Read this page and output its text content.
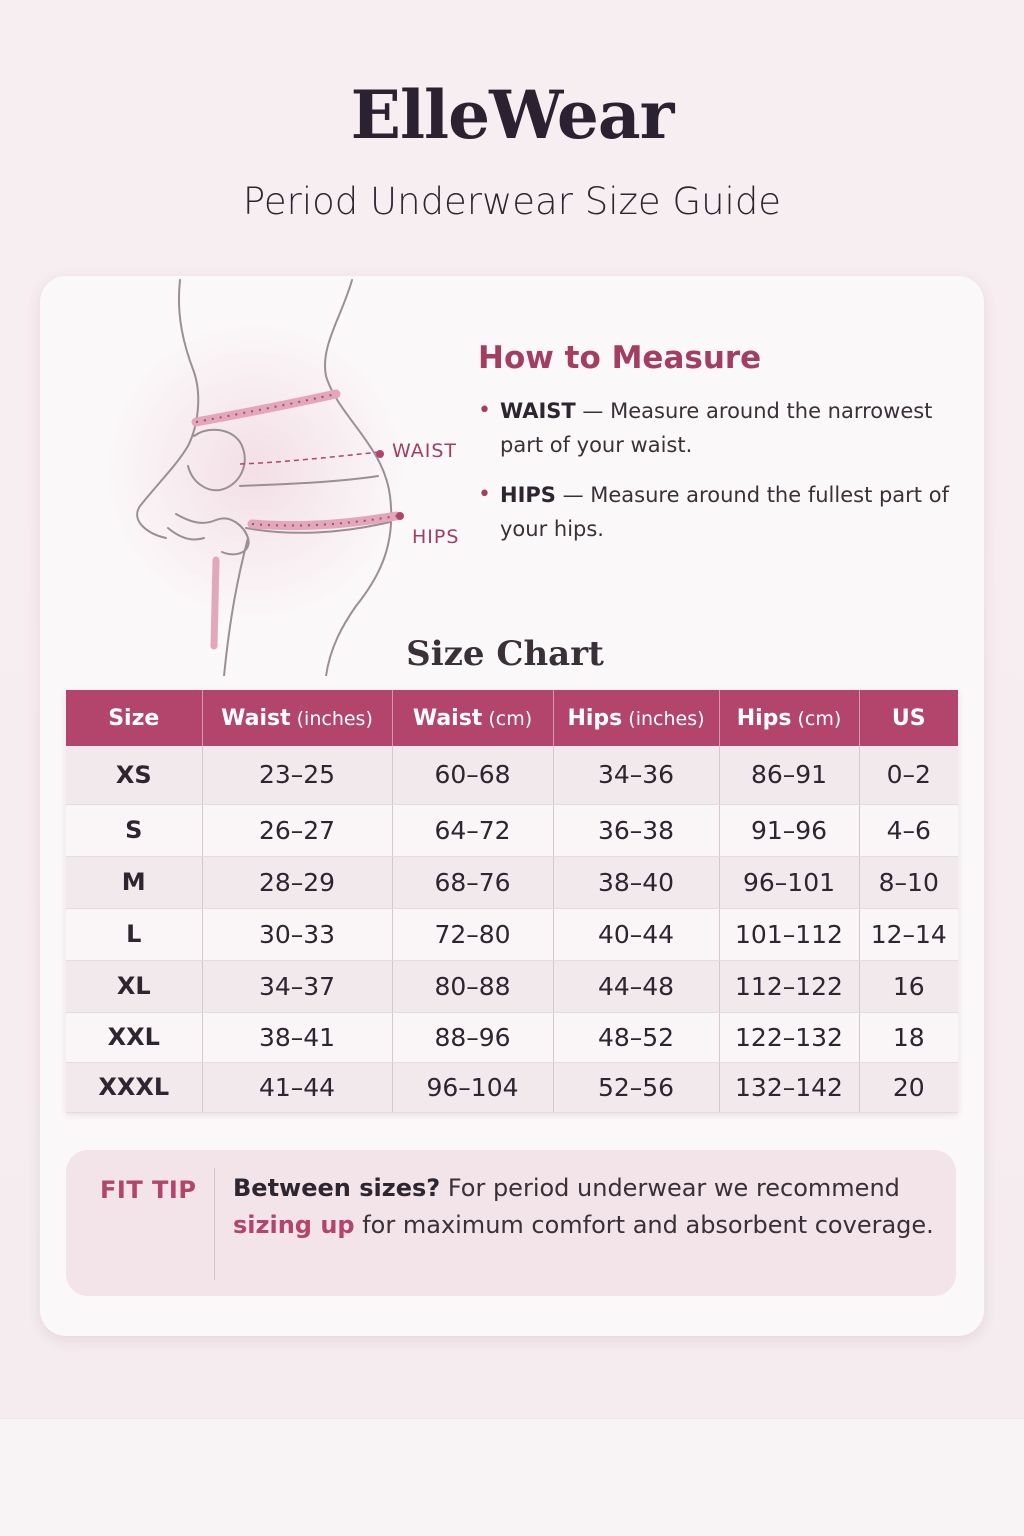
ElleWear
Period Underwear Size Guide
WAIST
HIPS
How to Measure
• WAIST — Measure around the narrowest part of your waist.
• HIPS — Measure around the fullest part of your hips.
Size Chart
Size	Waist (inches)	Waist (cm)	Hips (inches)	Hips (cm)	US
XS	23–25	60–68	34–36	86–91	0–2
S	26–27	64–72	36–38	91–96	4–6
M	28–29	68–76	38–40	96–101	8–10
L	30–33	72–80	40–44	101–112	12–14
XL	34–37	80–88	44–48	112–122	16
XXL	38–41	88–96	48–52	122–132	18
XXXL	41–44	96–104	52–56	132–142	20
FIT TIP Between sizes? For period underwear we recommend sizing up for maximum comfort and absorbent coverage.
